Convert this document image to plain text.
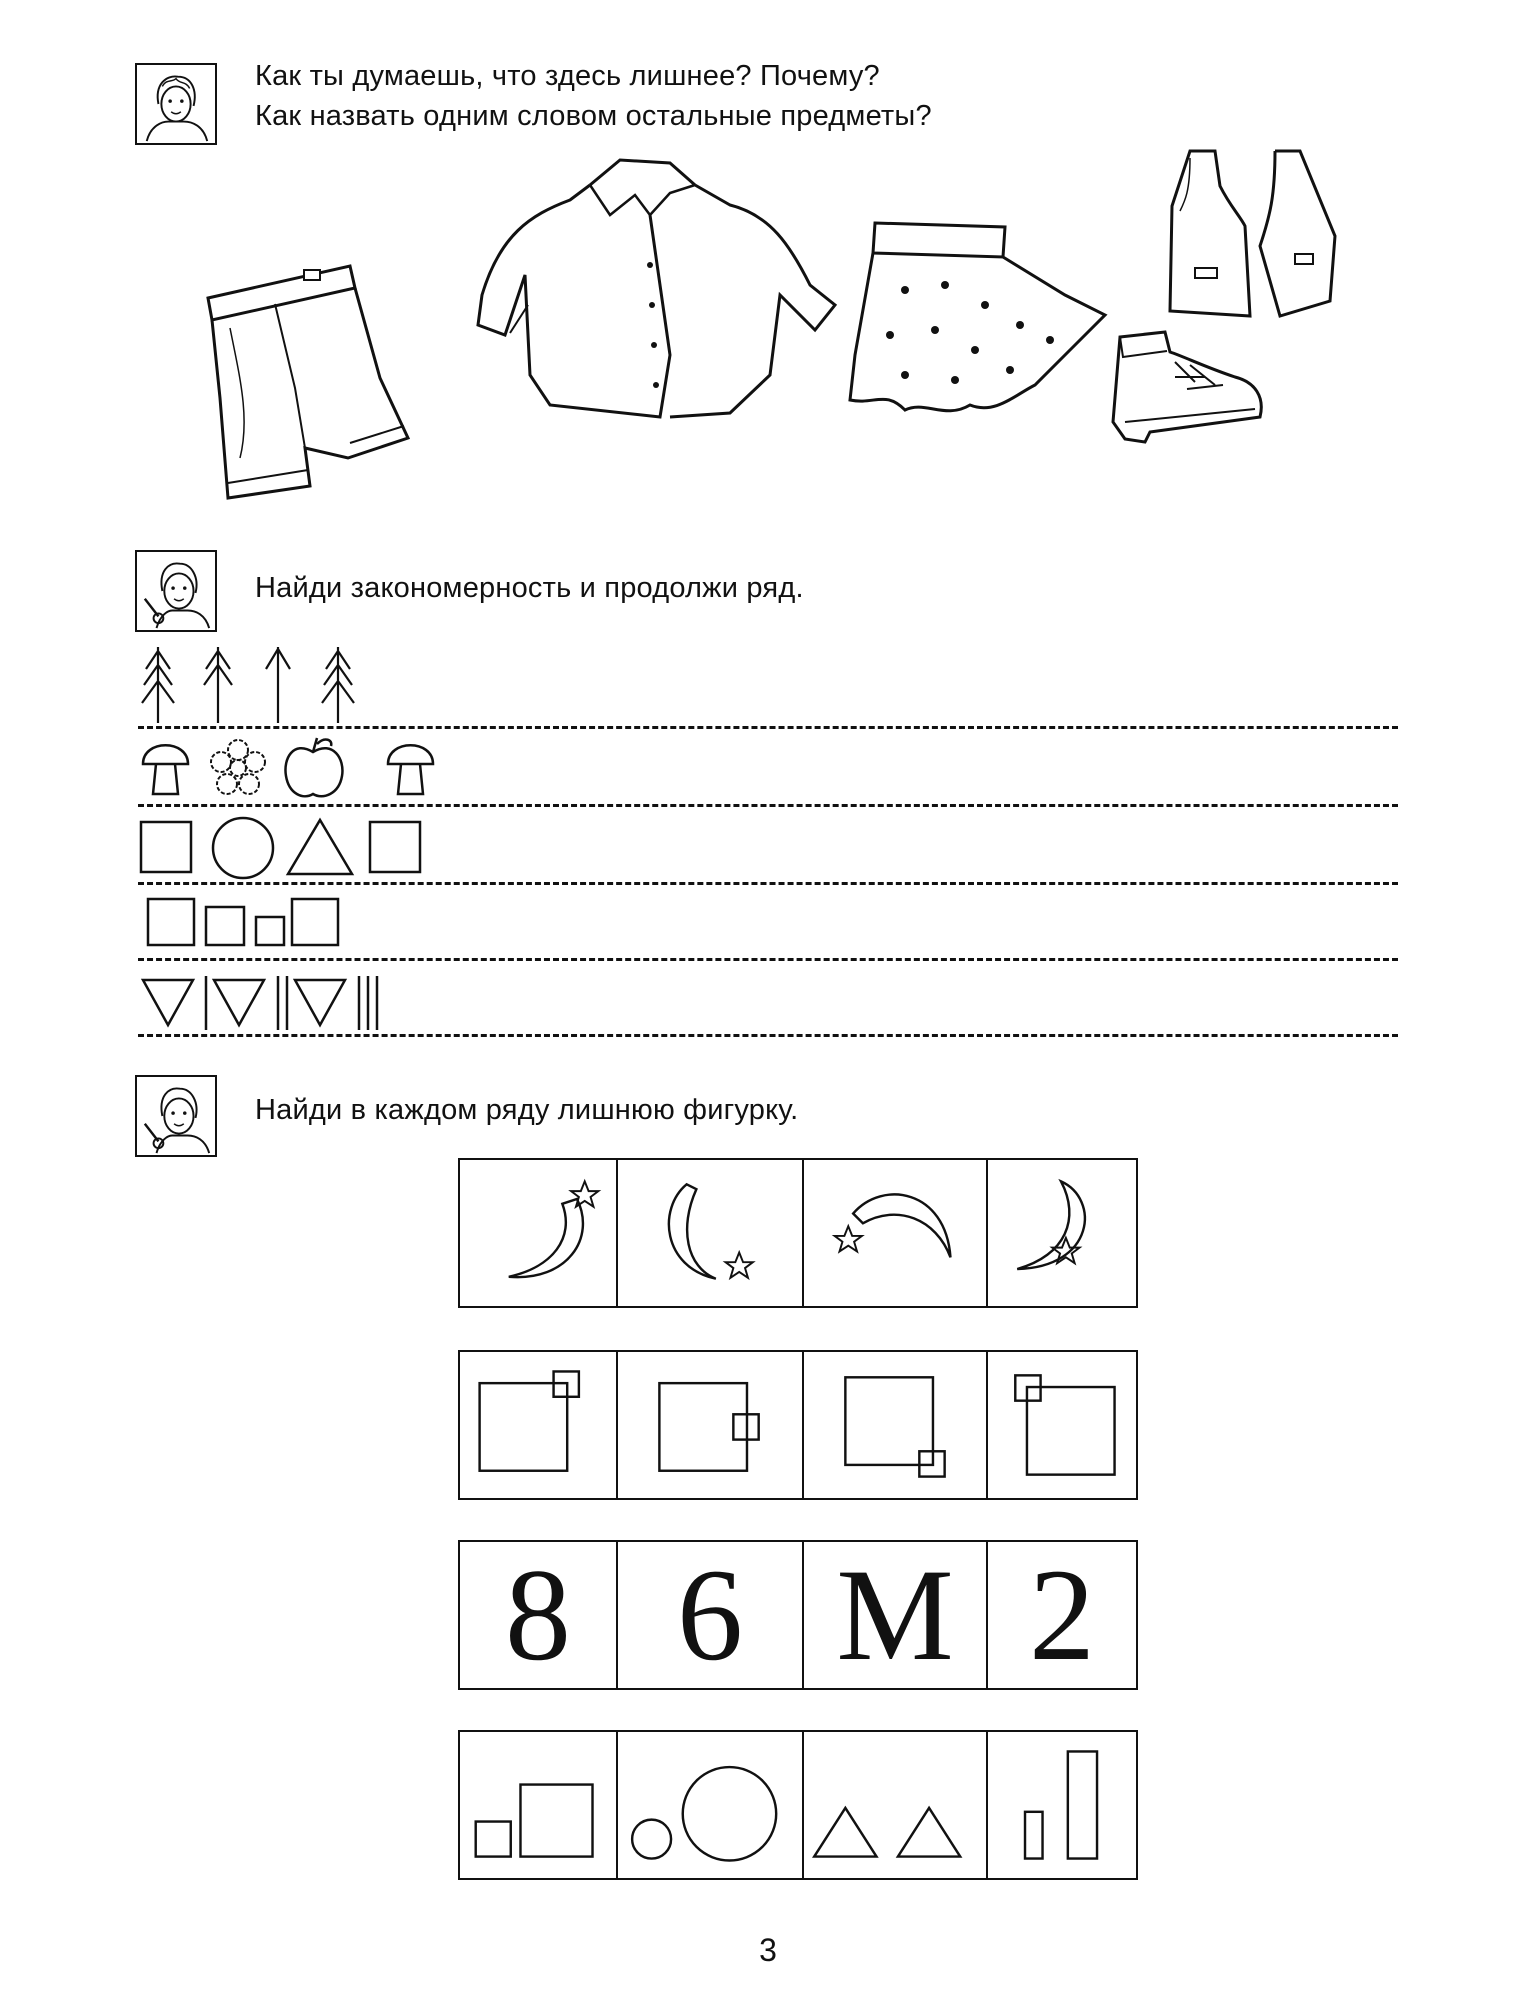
Как ты думаешь, что здесь лишнее? Почему?
Как назвать одним словом остальные предметы?
Найди закономерность и продолжи ряд.
Найди в каждом ряду лишнюю фигурку.
8 6 М 2
3
